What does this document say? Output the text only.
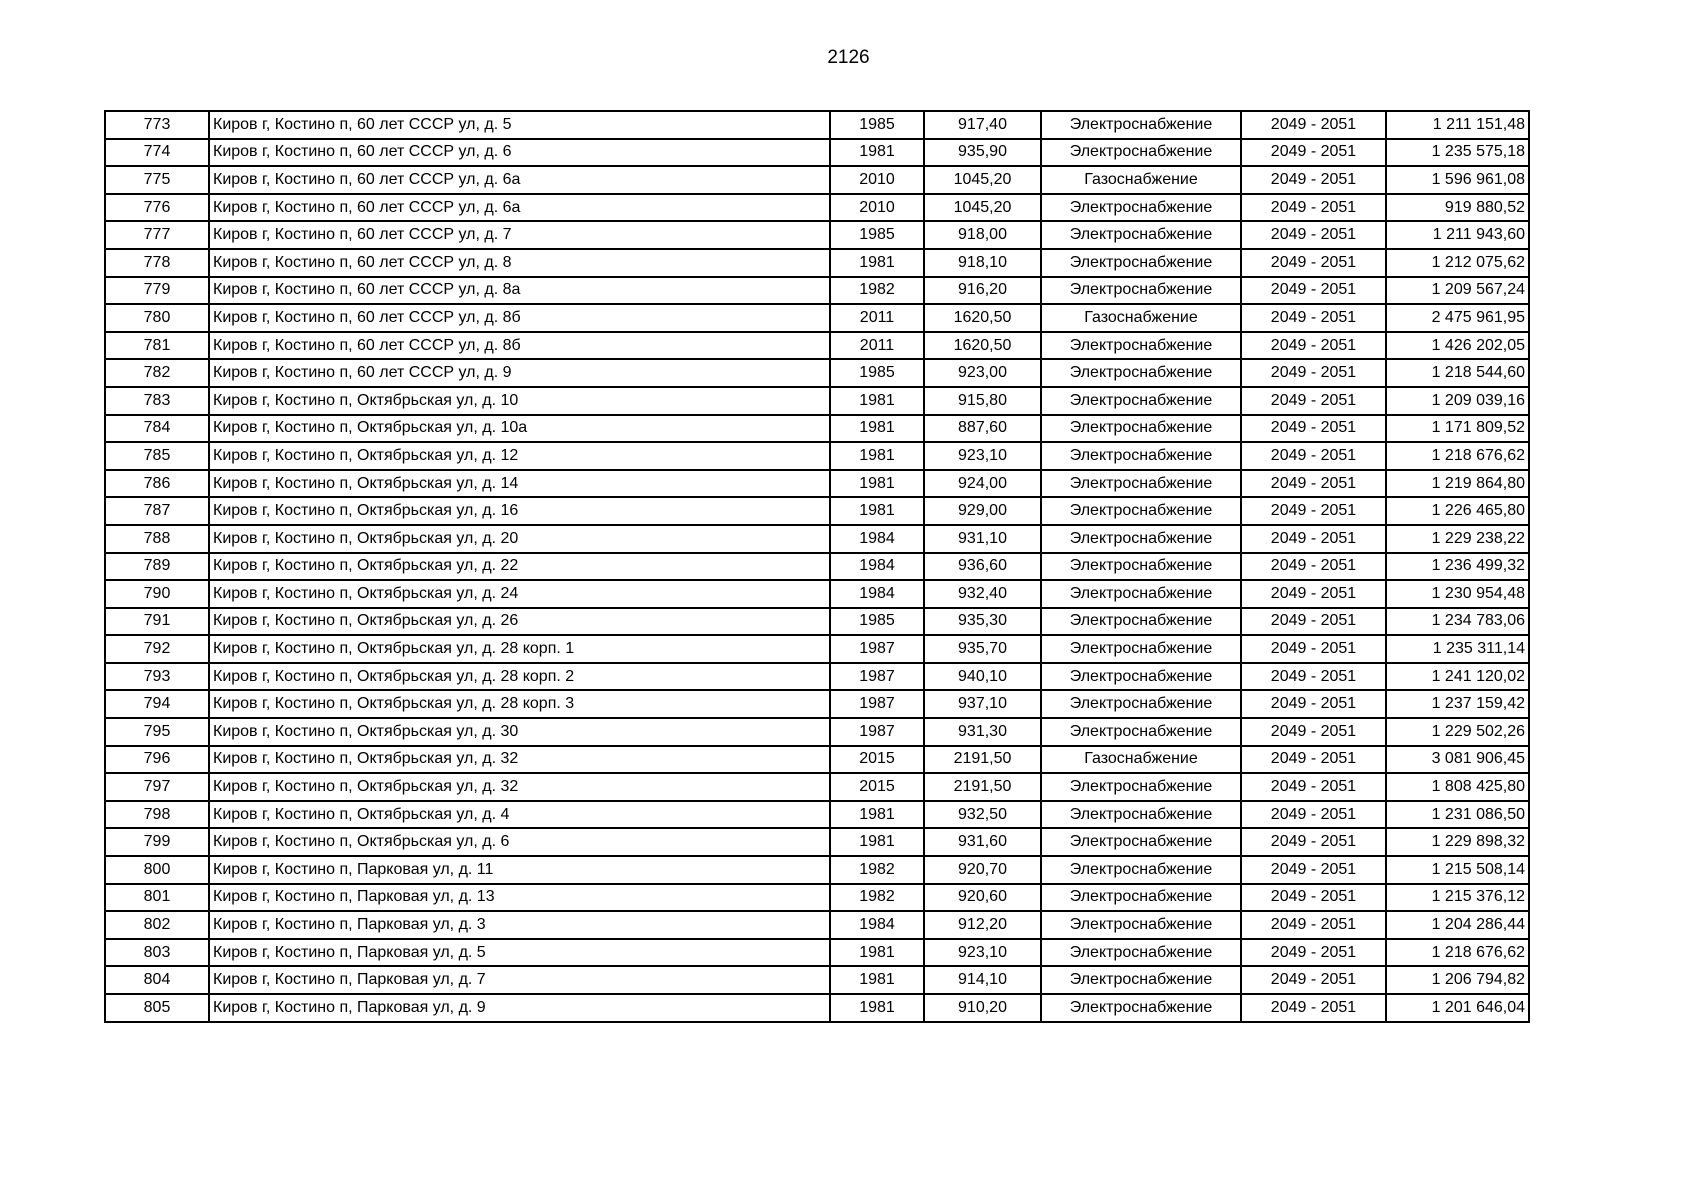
2126
773	Киров г, Костино п, 60 лет СССР ул, д. 5	1985	917,40	Электроснабжение	2049 - 2051	1 211 151,48
774	Киров г, Костино п, 60 лет СССР ул, д. 6	1981	935,90	Электроснабжение	2049 - 2051	1 235 575,18
775	Киров г, Костино п, 60 лет СССР ул, д. 6а	2010	1045,20	Газоснабжение	2049 - 2051	1 596 961,08
776	Киров г, Костино п, 60 лет СССР ул, д. 6а	2010	1045,20	Электроснабжение	2049 - 2051	919 880,52
777	Киров г, Костино п, 60 лет СССР ул, д. 7	1985	918,00	Электроснабжение	2049 - 2051	1 211 943,60
778	Киров г, Костино п, 60 лет СССР ул, д. 8	1981	918,10	Электроснабжение	2049 - 2051	1 212 075,62
779	Киров г, Костино п, 60 лет СССР ул, д. 8а	1982	916,20	Электроснабжение	2049 - 2051	1 209 567,24
780	Киров г, Костино п, 60 лет СССР ул, д. 8б	2011	1620,50	Газоснабжение	2049 - 2051	2 475 961,95
781	Киров г, Костино п, 60 лет СССР ул, д. 8б	2011	1620,50	Электроснабжение	2049 - 2051	1 426 202,05
782	Киров г, Костино п, 60 лет СССР ул, д. 9	1985	923,00	Электроснабжение	2049 - 2051	1 218 544,60
783	Киров г, Костино п, Октябрьская ул, д. 10	1981	915,80	Электроснабжение	2049 - 2051	1 209 039,16
784	Киров г, Костино п, Октябрьская ул, д. 10а	1981	887,60	Электроснабжение	2049 - 2051	1 171 809,52
785	Киров г, Костино п, Октябрьская ул, д. 12	1981	923,10	Электроснабжение	2049 - 2051	1 218 676,62
786	Киров г, Костино п, Октябрьская ул, д. 14	1981	924,00	Электроснабжение	2049 - 2051	1 219 864,80
787	Киров г, Костино п, Октябрьская ул, д. 16	1981	929,00	Электроснабжение	2049 - 2051	1 226 465,80
788	Киров г, Костино п, Октябрьская ул, д. 20	1984	931,10	Электроснабжение	2049 - 2051	1 229 238,22
789	Киров г, Костино п, Октябрьская ул, д. 22	1984	936,60	Электроснабжение	2049 - 2051	1 236 499,32
790	Киров г, Костино п, Октябрьская ул, д. 24	1984	932,40	Электроснабжение	2049 - 2051	1 230 954,48
791	Киров г, Костино п, Октябрьская ул, д. 26	1985	935,30	Электроснабжение	2049 - 2051	1 234 783,06
792	Киров г, Костино п, Октябрьская ул, д. 28 корп. 1	1987	935,70	Электроснабжение	2049 - 2051	1 235 311,14
793	Киров г, Костино п, Октябрьская ул, д. 28 корп. 2	1987	940,10	Электроснабжение	2049 - 2051	1 241 120,02
794	Киров г, Костино п, Октябрьская ул, д. 28 корп. 3	1987	937,10	Электроснабжение	2049 - 2051	1 237 159,42
795	Киров г, Костино п, Октябрьская ул, д. 30	1987	931,30	Электроснабжение	2049 - 2051	1 229 502,26
796	Киров г, Костино п, Октябрьская ул, д. 32	2015	2191,50	Газоснабжение	2049 - 2051	3 081 906,45
797	Киров г, Костино п, Октябрьская ул, д. 32	2015	2191,50	Электроснабжение	2049 - 2051	1 808 425,80
798	Киров г, Костино п, Октябрьская ул, д. 4	1981	932,50	Электроснабжение	2049 - 2051	1 231 086,50
799	Киров г, Костино п, Октябрьская ул, д. 6	1981	931,60	Электроснабжение	2049 - 2051	1 229 898,32
800	Киров г, Костино п, Парковая ул, д. 11	1982	920,70	Электроснабжение	2049 - 2051	1 215 508,14
801	Киров г, Костино п, Парковая ул, д. 13	1982	920,60	Электроснабжение	2049 - 2051	1 215 376,12
802	Киров г, Костино п, Парковая ул, д. 3	1984	912,20	Электроснабжение	2049 - 2051	1 204 286,44
803	Киров г, Костино п, Парковая ул, д. 5	1981	923,10	Электроснабжение	2049 - 2051	1 218 676,62
804	Киров г, Костино п, Парковая ул, д. 7	1981	914,10	Электроснабжение	2049 - 2051	1 206 794,82
805	Киров г, Костино п, Парковая ул, д. 9	1981	910,20	Электроснабжение	2049 - 2051	1 201 646,04
